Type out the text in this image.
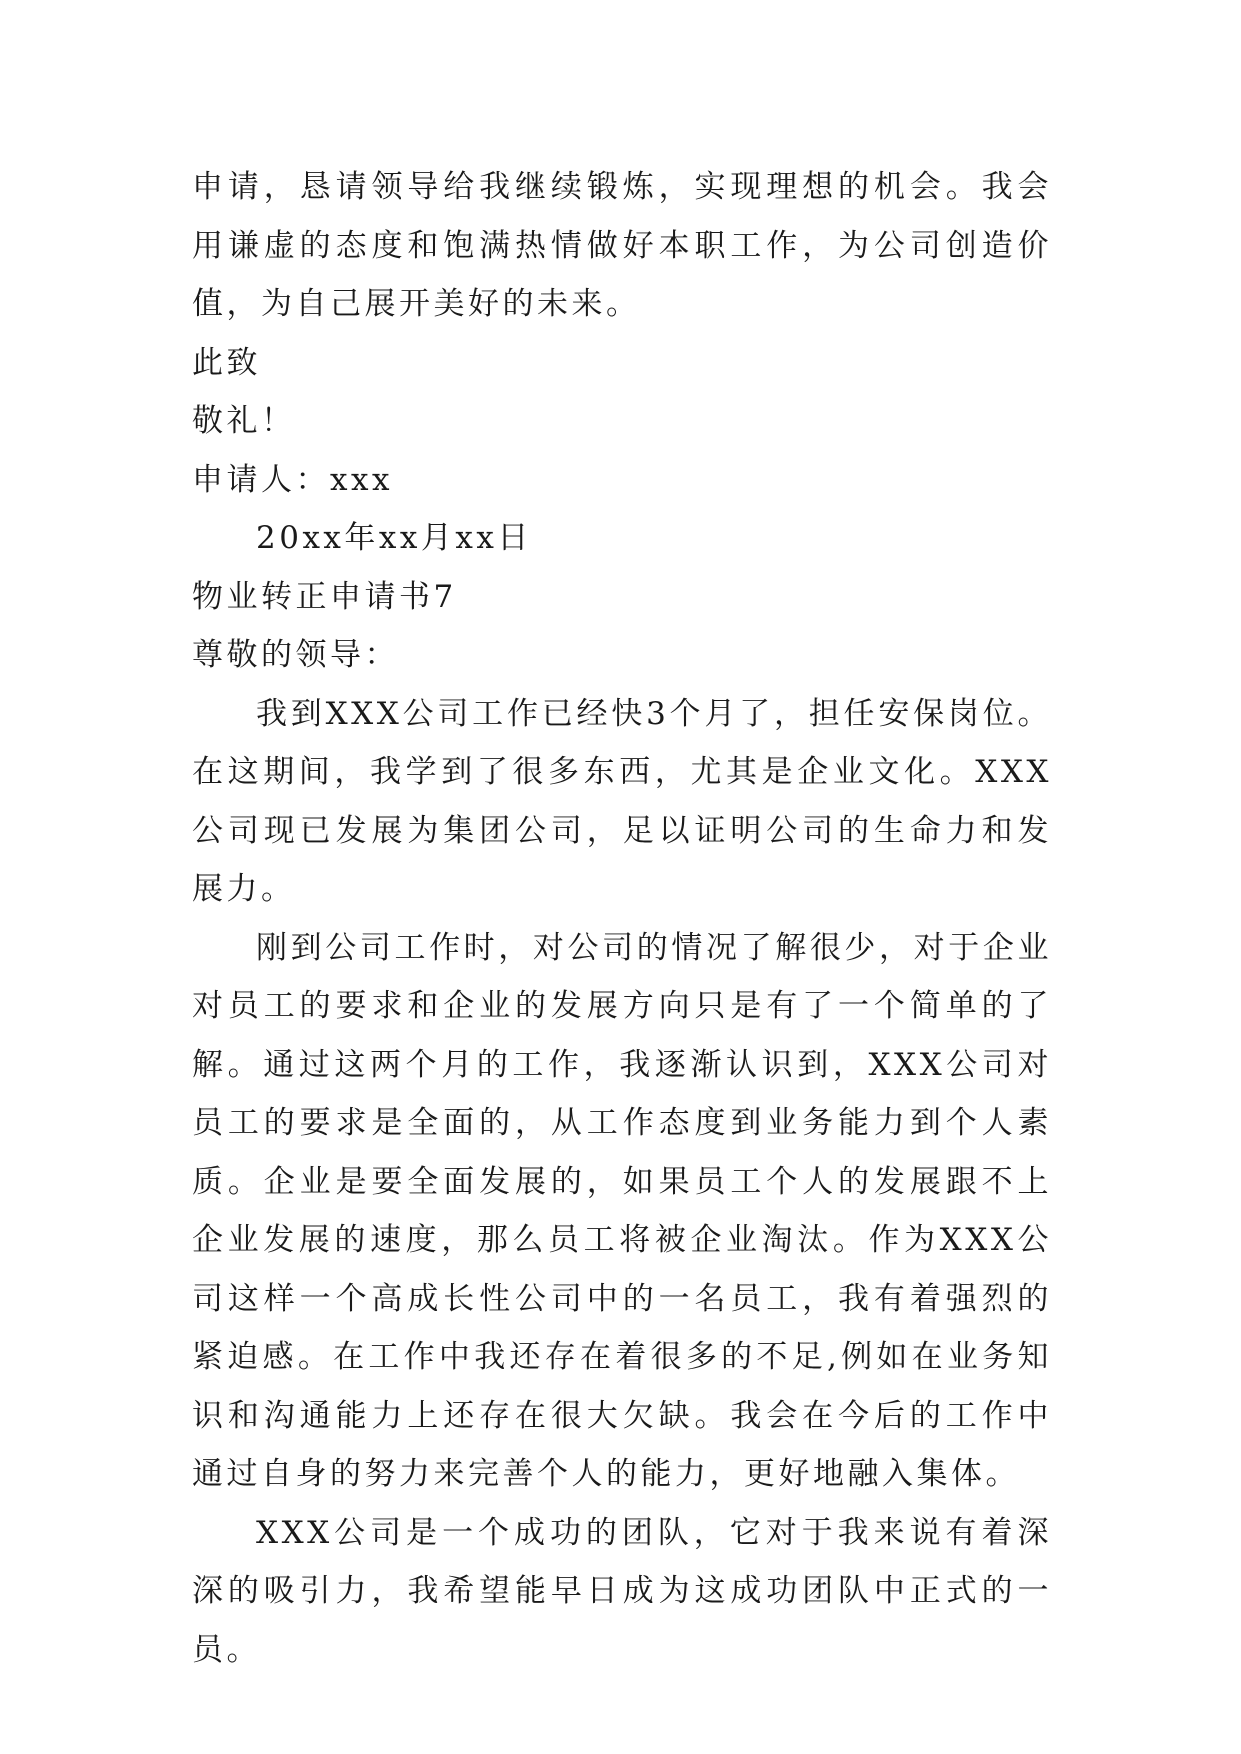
申请，恳请领导给我继续锻炼，实现理想的机会。我会用谦虚的态度和饱满热情做好本职工作，为公司创造价值，为自己展开美好的未来。

此致

敬礼！

申请人：xxx

20xx年xx月xx日

物业转正申请书7

尊敬的领导：

我到XXX公司工作已经快3个月了，担任安保岗位。在这期间，我学到了很多东西，尤其是企业文化。XXX公司现已发展为集团公司，足以证明公司的生命力和发展力。

刚到公司工作时，对公司的情况了解很少，对于企业对员工的要求和企业的发展方向只是有了一个简单的了解。通过这两个月的工作，我逐渐认识到，XXX公司对员工的要求是全面的，从工作态度到业务能力到个人素质。企业是要全面发展的，如果员工个人的发展跟不上企业发展的速度，那么员工将被企业淘汰。作为XXX公司这样一个高成长性公司中的一名员工，我有着强烈的紧迫感。在工作中我还存在着很多的不足,例如在业务知识和沟通能力上还存在很大欠缺。我会在今后的工作中通过自身的努力来完善个人的能力，更好地融入集体。

XXX公司是一个成功的团队，它对于我来说有着深深的吸引力，我希望能早日成为这成功团队中正式的一员。
